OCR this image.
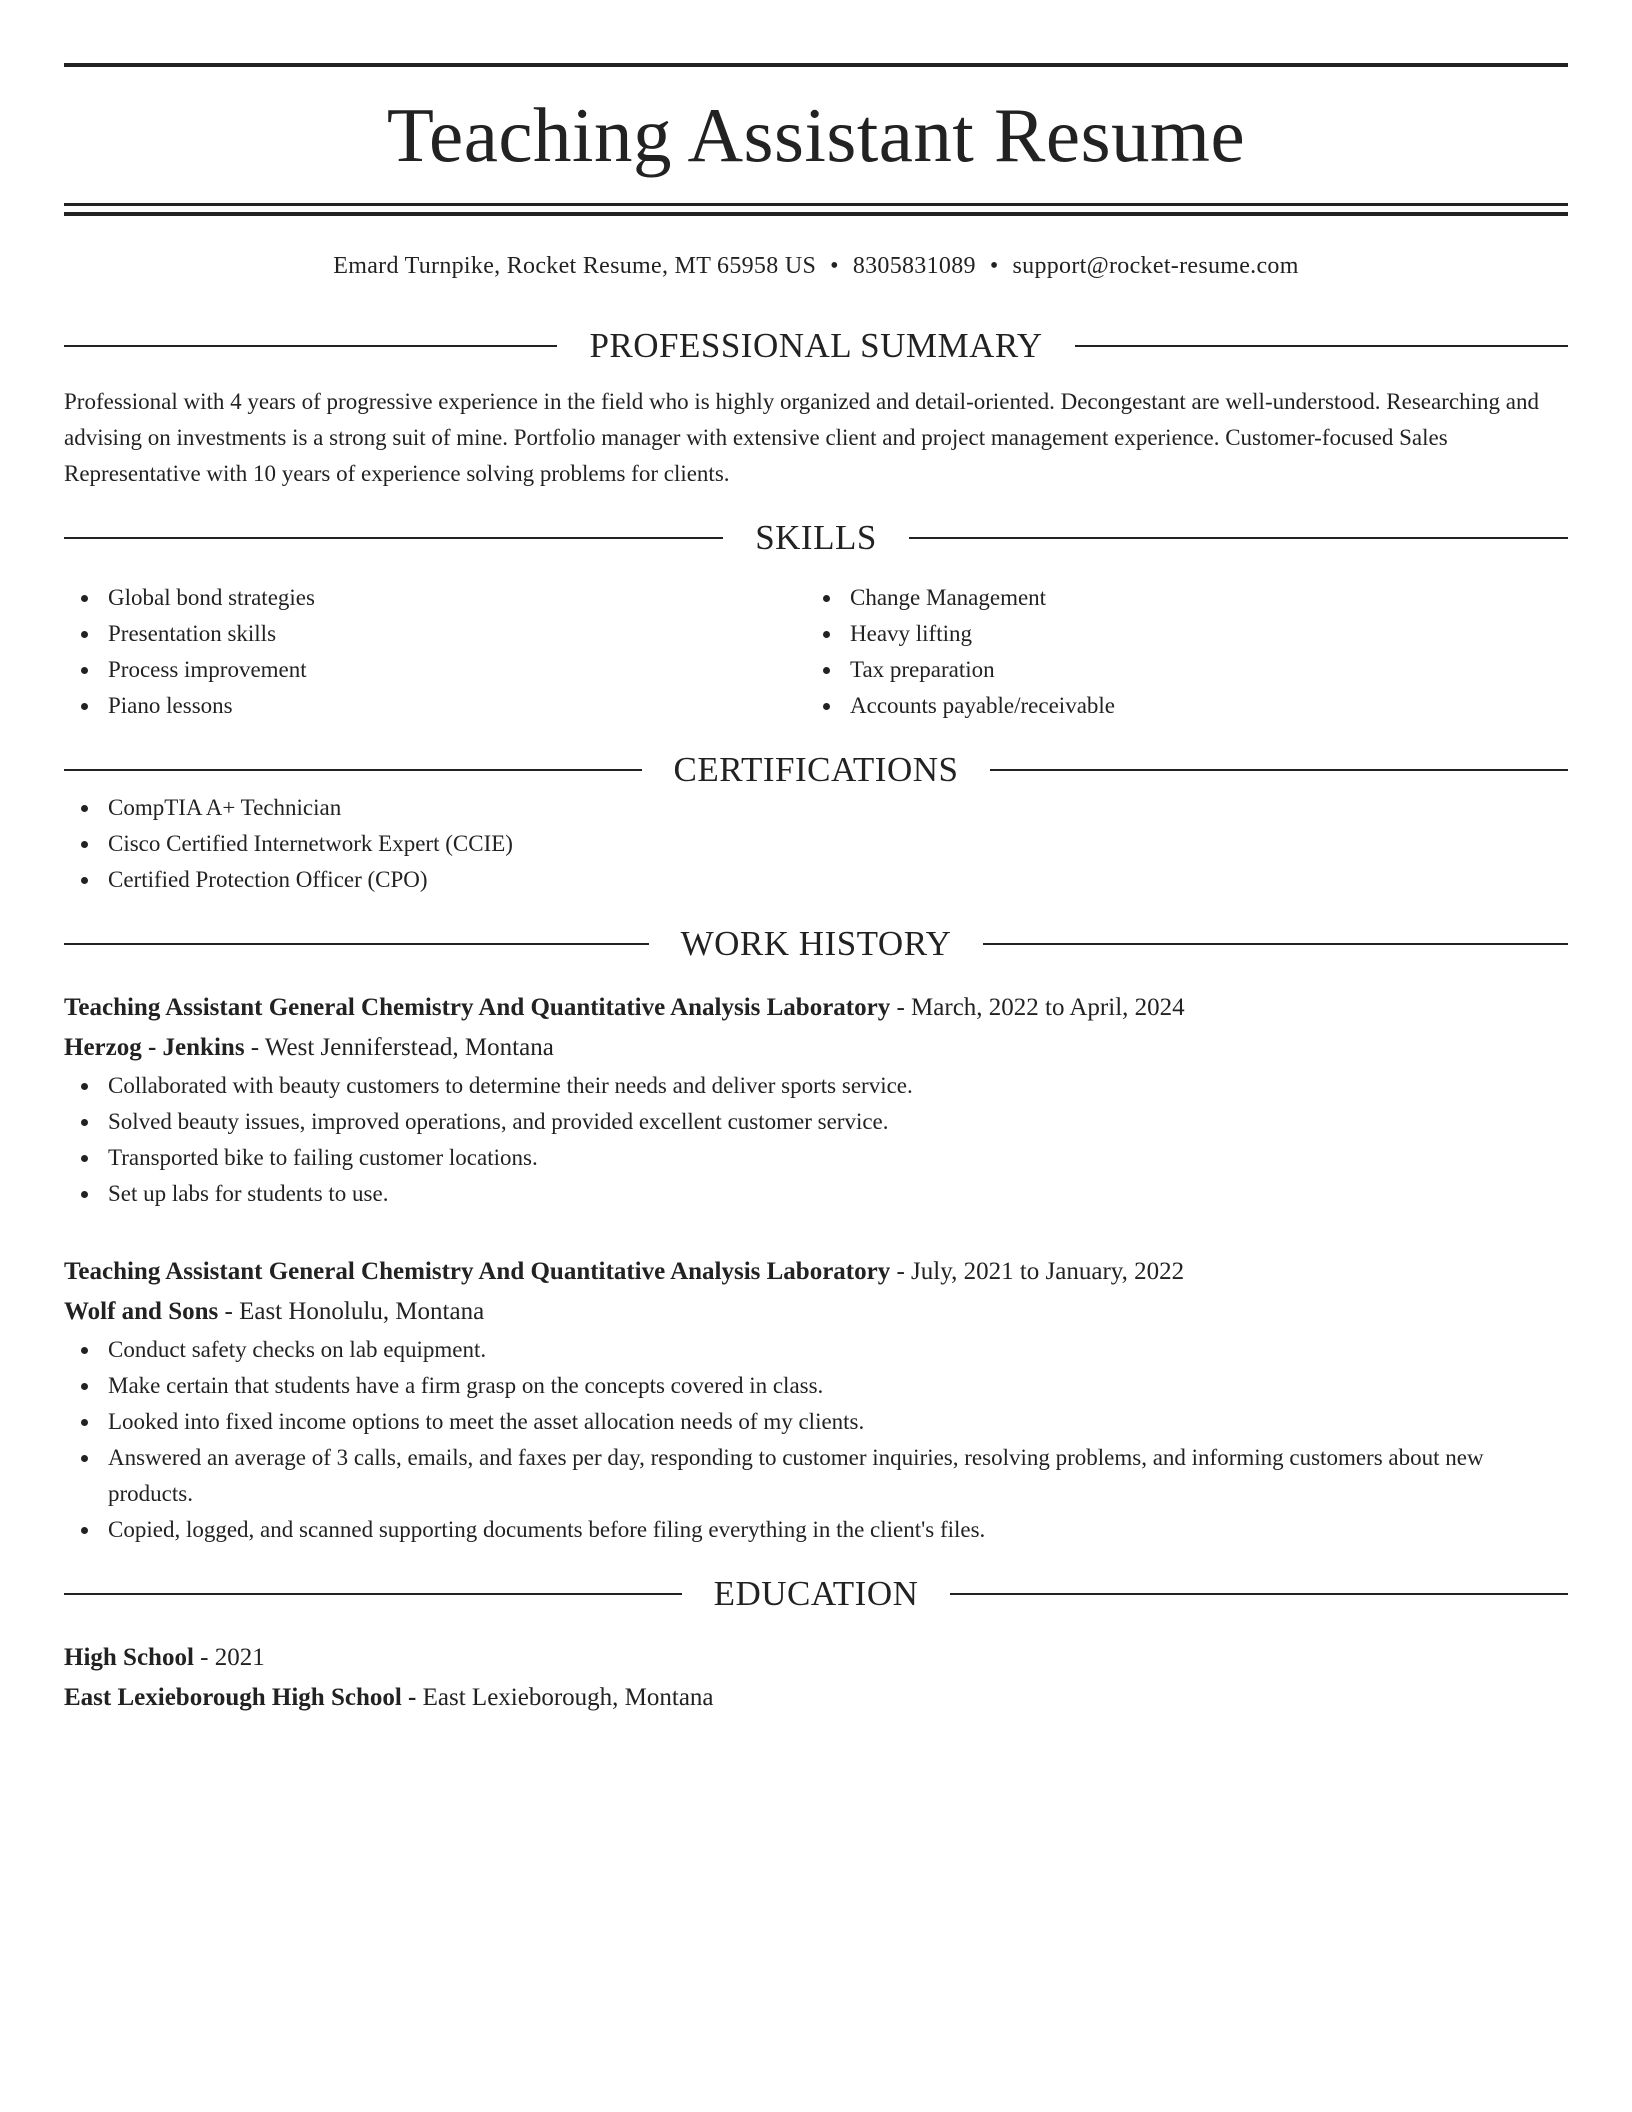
Teaching Assistant Resume
Emard Turnpike, Rocket Resume, MT 65958 US • 8305831089 • support@rocket-resume.com
PROFESSIONAL SUMMARY
Professional with 4 years of progressive experience in the field who is highly organized and detail-oriented. Decongestant are well-understood. Researching and advising on investments is a strong suit of mine. Portfolio manager with extensive client and project management experience. Customer-focused Sales Representative with 10 years of experience solving problems for clients.
SKILLS
Global bond strategies
Presentation skills
Process improvement
Piano lessons
Change Management
Heavy lifting
Tax preparation
Accounts payable/receivable
CERTIFICATIONS
CompTIA A+ Technician
Cisco Certified Internetwork Expert (CCIE)
Certified Protection Officer (CPO)
WORK HISTORY
Teaching Assistant General Chemistry And Quantitative Analysis Laboratory - March, 2022 to April, 2024
Herzog - Jenkins - West Jenniferstead, Montana
Collaborated with beauty customers to determine their needs and deliver sports service.
Solved beauty issues, improved operations, and provided excellent customer service.
Transported bike to failing customer locations.
Set up labs for students to use.
Teaching Assistant General Chemistry And Quantitative Analysis Laboratory - July, 2021 to January, 2022
Wolf and Sons - East Honolulu, Montana
Conduct safety checks on lab equipment.
Make certain that students have a firm grasp on the concepts covered in class.
Looked into fixed income options to meet the asset allocation needs of my clients.
Answered an average of 3 calls, emails, and faxes per day, responding to customer inquiries, resolving problems, and informing customers about new products.
Copied, logged, and scanned supporting documents before filing everything in the client's files.
EDUCATION
High School - 2021
East Lexieborough High School - East Lexieborough, Montana
